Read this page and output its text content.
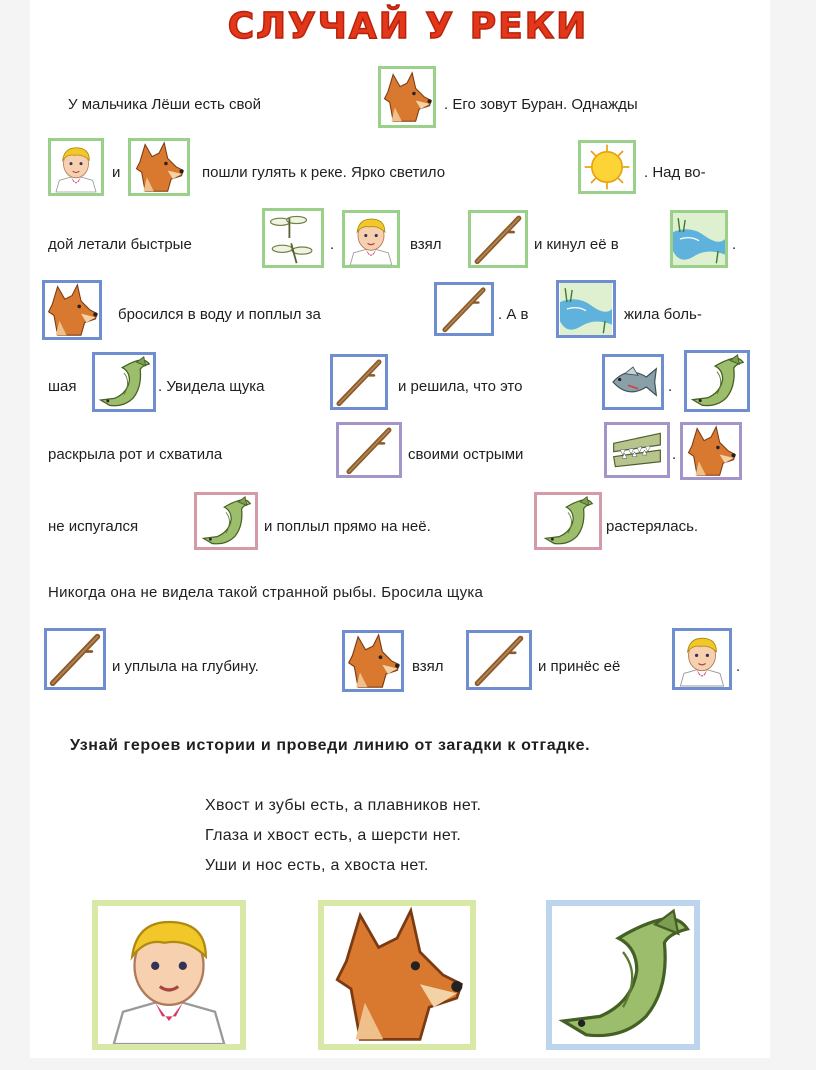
СЛУЧАЙ У РЕКИ
У мальчика Лёши есть свой	. Его зовут Буран. Однажды
и	пошли гулять к реке. Ярко светило	. Над во-
дой летали быстрые	.	взял	и кинул её в	.
бросился в воду и поплыл за	. А в	жила боль-
шая	. Увидела щука	и решила, что это	.
раскрыла рот и схватила	своими острыми	.
не испугался	и поплыл прямо на неё.	растерялась.
Никогда она не видела такой странной рыбы. Бросила щука
и уплыла на глубину.	взял	и принёс её	.
Узнай героев истории и проведи линию от загадки к отгадке.
Хвост и зубы есть, а плавников нет.
Глаза и хвост есть, а шерсти нет.
Уши и нос есть, а хвоста нет.
